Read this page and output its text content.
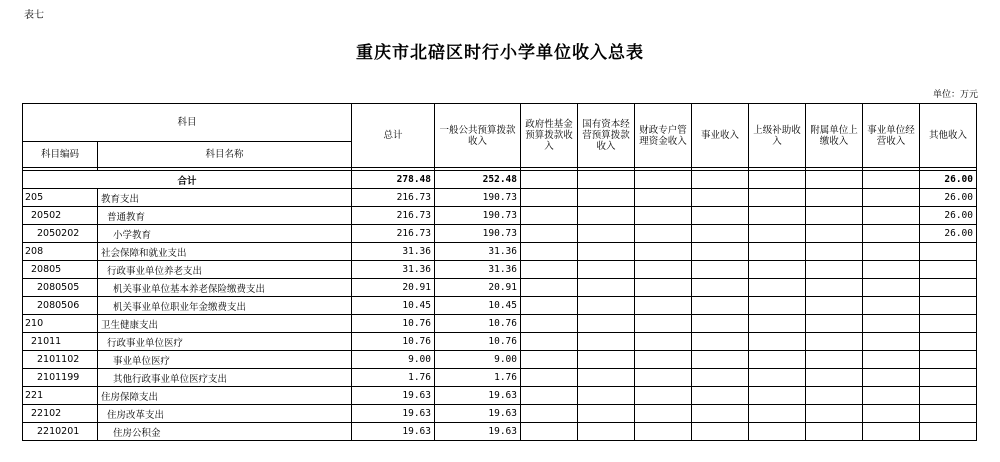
表七
重庆市北碚区时行小学单位收入总表
单位：万元
科目		总计	一般公共预算拨款收入	政府性基金预算拨款收入	国有资本经营预算拨款收入	财政专户管理资金收入	事业收入	上级补助收入	附属单位上缴收入	事业单位经营收入	其他收入
科目编码	科目名称										

合计		278.48	252.48								26.00
205	教育支出	216.73	190.73								26.00
20502	普通教育	216.73	190.73								26.00
2050202	小学教育	216.73	190.73								26.00
208	社会保障和就业支出	31.36	31.36								
20805	行政事业单位养老支出	31.36	31.36								
2080505	机关事业单位基本养老保险缴费支出	20.91	20.91								
2080506	机关事业单位职业年金缴费支出	10.45	10.45								
210	卫生健康支出	10.76	10.76								
21011	行政事业单位医疗	10.76	10.76								
2101102	事业单位医疗	9.00	9.00								
2101199	其他行政事业单位医疗支出	1.76	1.76								
221	住房保障支出	19.63	19.63								
22102	住房改革支出	19.63	19.63								
2210201	住房公积金	19.63	19.63								
